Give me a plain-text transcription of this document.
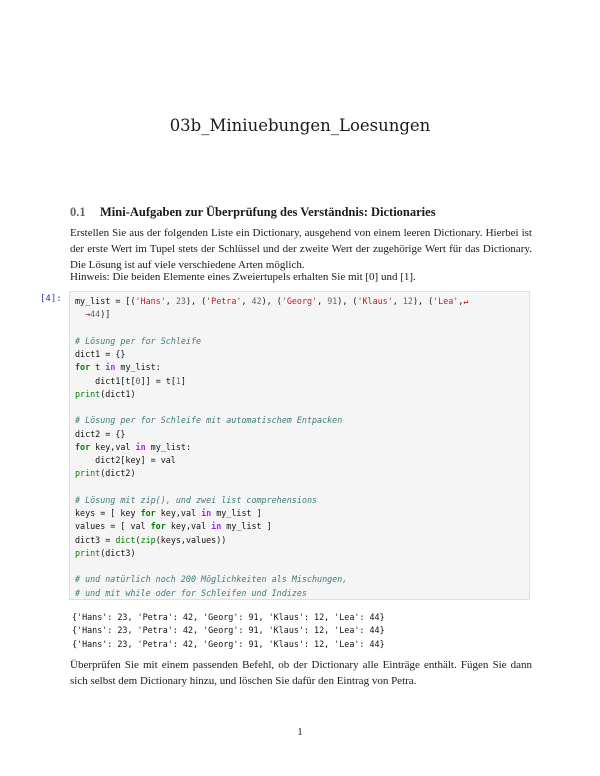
03b_Miniuebungen_Loesungen
0.1 Mini-Aufgaben zur Überprüfung des Verständnis: Dictionaries
Erstellen Sie aus der folgenden Liste ein Dictionary, ausgehend von einem leeren Dictionary. Hierbei ist der erste Wert im Tupel stets der Schlüssel und der zweite Wert der zugehörige Wert für das Dictionary. Die Lösung ist auf viele verschiedene Arten möglich.
Hinweis: Die beiden Elemente eines Zweiertupels erhalten Sie mit [0] und [1].
[4]: my_list = [('Hans', 23), ('Petra', 42), ('Georg', 91), ('Klaus', 12), ('Lea',↵
→44)]

# Lösung per for Schleife
dict1 = {}
for t in my_list:
dict1[t[0]] = t[1]
print(dict1)

# Lösung per for Schleife mit automatischem Entpacken
dict2 = {}
for key,val in my_list:
dict2[key] = val
print(dict2)

# Lösung mit zip(), und zwei list comprehensions
keys = [ key for key,val in my_list ]
values = [ val for key,val in my_list ]
dict3 = dict(zip(keys,values))
print(dict3)

# und natürlich noch 200 Möglichkeiten als Mischungen,
# und mit while oder for Schleifen und Indizes
{'Hans': 23, 'Petra': 42, 'Georg': 91, 'Klaus': 12, 'Lea': 44}
{'Hans': 23, 'Petra': 42, 'Georg': 91, 'Klaus': 12, 'Lea': 44}
{'Hans': 23, 'Petra': 42, 'Georg': 91, 'Klaus': 12, 'Lea': 44}
Überprüfen Sie mit einem passenden Befehl, ob der Dictionary alle Einträge enthält. Fügen Sie dann sich selbst dem Dictionary hinzu, und löschen Sie dafür den Eintrag von Petra.
1
